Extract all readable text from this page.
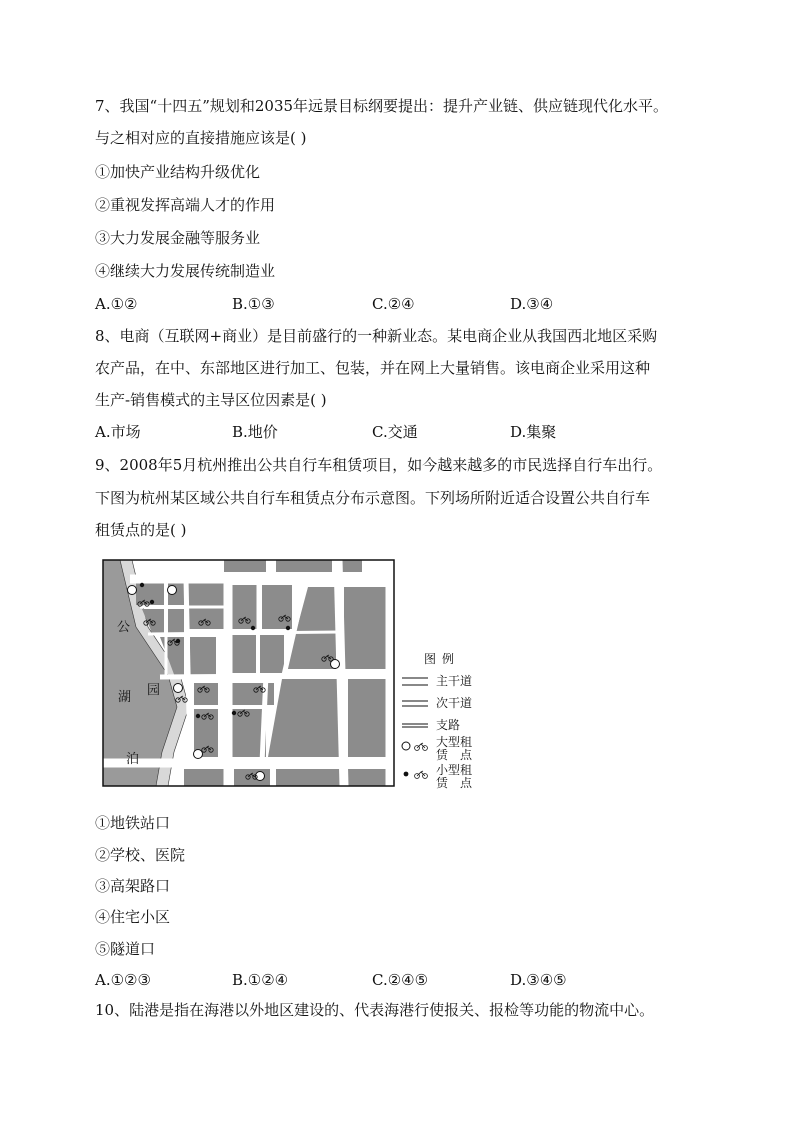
7、我国“十四五”规划和2035年远景目标纲要提出：提升产业链、供应链现代化水平。
与之相对应的直接措施应该是( )
①加快产业结构升级优化
②重视发挥高端人才的作用
③大力发展金融等服务业
④继续大力发展传统制造业
A.①②	B.①③	C.②④	D.③④
8、电商（互联网+商业）是目前盛行的一种新业态。某电商企业从我国西北地区采购
农产品，在中、东部地区进行加工、包装，并在网上大量销售。该电商企业采用这种
生产-销售模式的主导区位因素是( )
A.市场	B.地价	C.交通	D.集聚
9、2008年5月杭州推出公共自行车租赁项目，如今越来越多的市民选择自行车出行。
下图为杭州某区域公共自行车租赁点分布示意图。下列场所附近适合设置公共自行车
租赁点的是( )
湖
泊
公
园
图例
主干道
次干道
支路
大型租
赁　点
小型租
赁　点
①地铁站口
②学校、医院
③高架路口
④住宅小区
⑤隧道口
A.①②③	B.①②④	C.②④⑤	D.③④⑤
10、陆港是指在海港以外地区建设的、代表海港行使报关、报检等功能的物流中心。
